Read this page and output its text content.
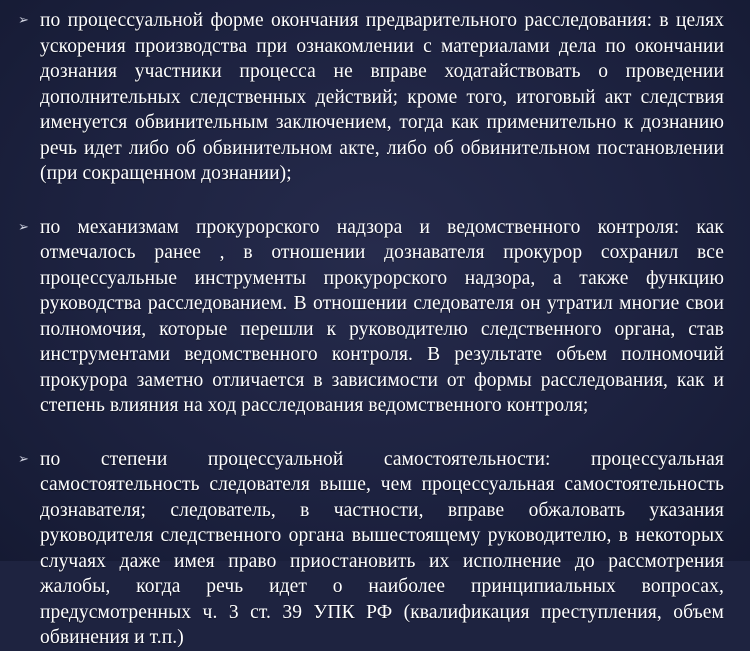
➢ по процессуальной форме окончания предварительного расследования: в целях ускорения производства при ознакомлении с материалами дела по окончании дознания участники процесса не вправе ходатайствовать о проведении дополнительных следственных действий; кроме того, итоговый акт следствия именуется обвинительным заключением, тогда как применительно к дознанию речь идет либо об обвинительном акте, либо об обвинительном постановлении (при сокращенном дознании);
➢ по механизмам прокурорского надзора и ведомственного контроля: как отмечалось ранее , в отношении дознавателя прокурор сохранил все процессуальные инструменты прокурорского надзора, а также функцию руководства расследованием. В отношении следователя он утратил многие свои полномочия, которые перешли к руководителю следственного органа, став инструментами ведомственного контроля. В результате объем полномочий прокурора заметно отличается в зависимости от формы расследования, как и степень влияния на ход расследования ведомственного контроля;
➢ по степени процессуальной самостоятельности: процессуальная самостоятельность следователя выше, чем процессуальная самостоятельность дознавателя; следователь, в частности, вправе обжаловать указания руководителя следственного органа вышестоящему руководителю, в некоторых случаях даже имея право приостановить их исполнение до рассмотрения жалобы, когда речь идет о наиболее принципиальных вопросах, предусмотренных ч. 3 ст. 39 УПК РФ (квалификация преступления, объем обвинения и т.п.)
